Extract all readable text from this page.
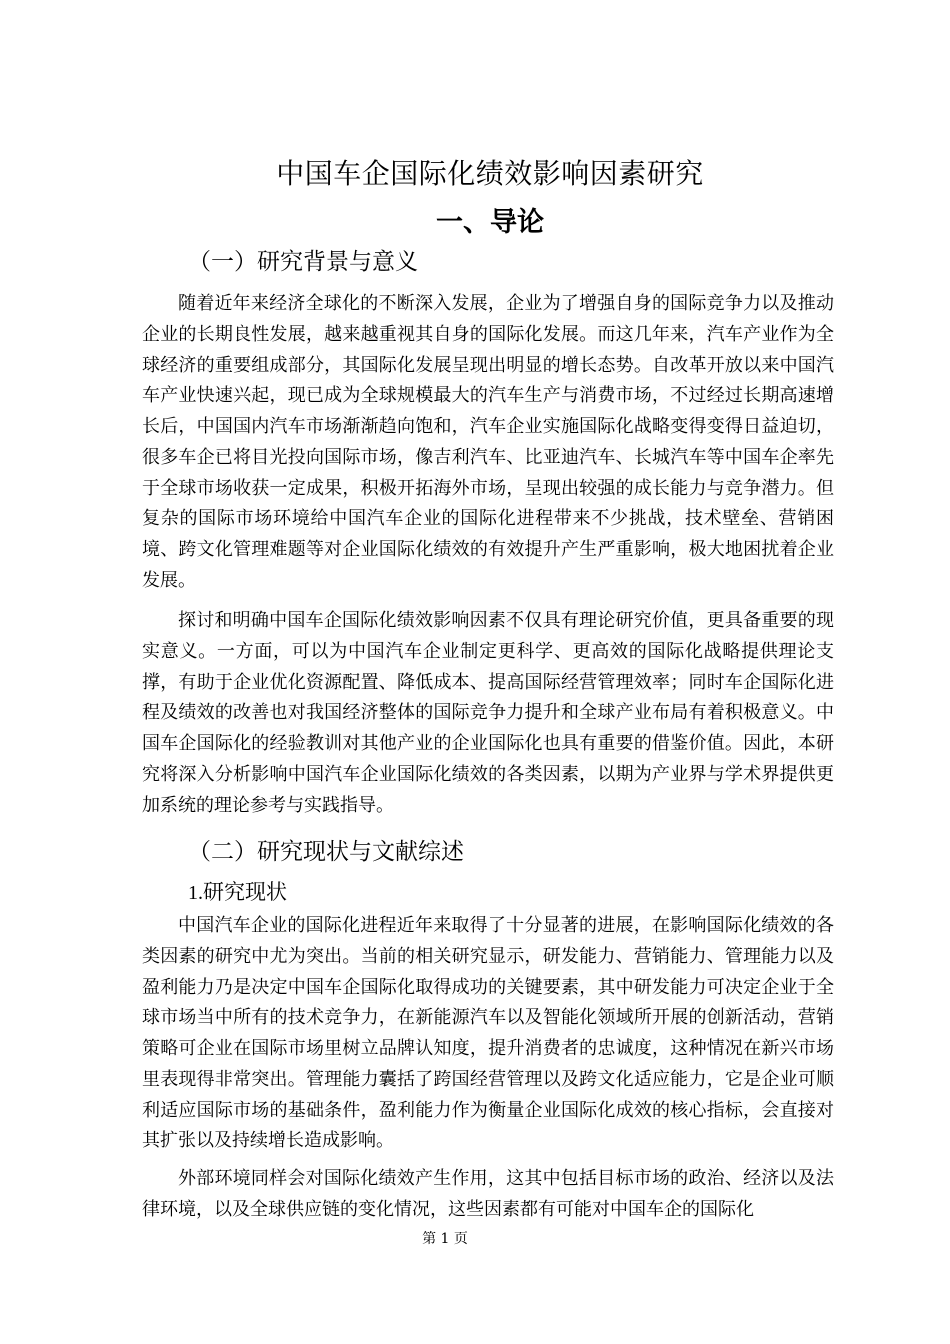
中国车企国际化绩效影响因素研究
一、导论
（一）研究背景与意义

随着近年来经济全球化的不断深入发展，企业为了增强自身的国际竞争力以及推动企业的长期良性发展，越来越重视其自身的国际化发展。而这几年来，汽车产业作为全球经济的重要组成部分，其国际化发展呈现出明显的增长态势。自改革开放以来中国汽车产业快速兴起，现已成为全球规模最大的汽车生产与消费市场，不过经过长期高速增长后，中国国内汽车市场渐渐趋向饱和，汽车企业实施国际化战略变得变得日益迫切，很多车企已将目光投向国际市场，像吉利汽车、比亚迪汽车、长城汽车等中国车企率先于全球市场收获一定成果，积极开拓海外市场，呈现出较强的成长能力与竞争潜力。但复杂的国际市场环境给中国汽车企业的国际化进程带来不少挑战，技术壁垒、营销困境、跨文化管理难题等对企业国际化绩效的有效提升产生严重影响，极大地困扰着企业发展。

探讨和明确中国车企国际化绩效影响因素不仅具有理论研究价值，更具备重要的现实意义。一方面，可以为中国汽车企业制定更科学、更高效的国际化战略提供理论支撑，有助于企业优化资源配置、降低成本、提高国际经营管理效率；同时车企国际化进程及绩效的改善也对我国经济整体的国际竞争力提升和全球产业布局有着积极意义。中国车企国际化的经验教训对其他产业的企业国际化也具有重要的借鉴价值。因此，本研究将深入分析影响中国汽车企业国际化绩效的各类因素，以期为产业界与学术界提供更加系统的理论参考与实践指导。

（二）研究现状与文献综述
1.研究现状

中国汽车企业的国际化进程近年来取得了十分显著的进展，在影响国际化绩效的各类因素的研究中尤为突出。当前的相关研究显示，研发能力、营销能力、管理能力以及盈利能力乃是决定中国车企国际化取得成功的关键要素，其中研发能力可决定企业于全球市场当中所有的技术竞争力，在新能源汽车以及智能化领域所开展的创新活动，营销策略可企业在国际市场里树立品牌认知度，提升消费者的忠诚度，这种情况在新兴市场里表现得非常突出。管理能力囊括了跨国经营管理以及跨文化适应能力，它是企业可顺利适应国际市场的基础条件，盈利能力作为衡量企业国际化成效的核心指标，会直接对其扩张以及持续增长造成影响。

外部环境同样会对国际化绩效产生作用，这其中包括目标市场的政治、经济以及法律环境，以及全球供应链的变化情况，这些因素都有可能对中国车企的国际化

第 1 页
